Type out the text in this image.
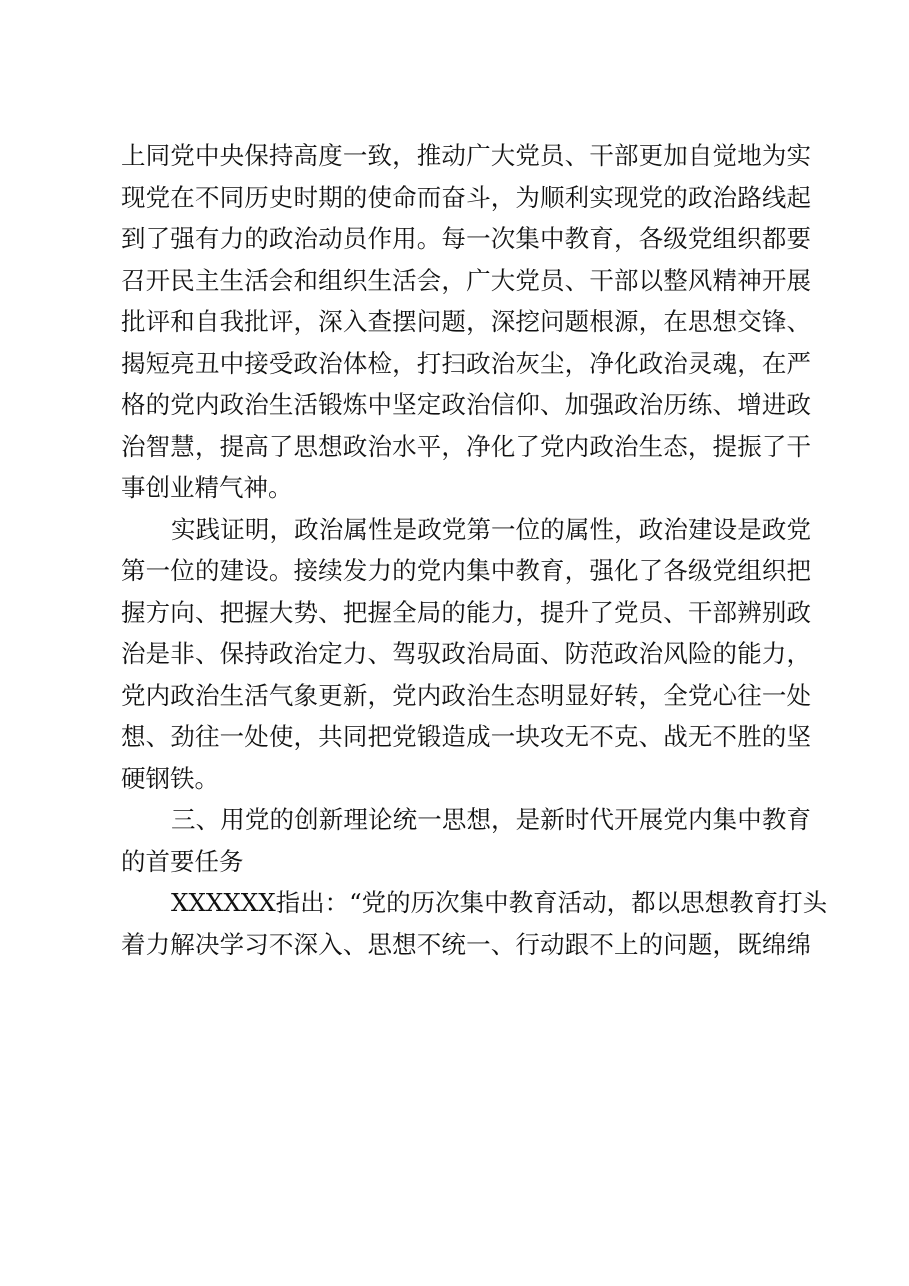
上同党中央保持高度一致，推动广大党员、干部更加自觉地为实
现党在不同历史时期的使命而奋斗，为顺利实现党的政治路线起
到了强有力的政治动员作用。每一次集中教育，各级党组织都要
召开民主生活会和组织生活会，广大党员、干部以整风精神开展
批评和自我批评，深入查摆问题，深挖问题根源，在思想交锋、
揭短亮丑中接受政治体检，打扫政治灰尘，净化政治灵魂，在严
格的党内政治生活锻炼中坚定政治信仰、加强政治历练、增进政
治智慧，提高了思想政治水平，净化了党内政治生态，提振了干
事创业精气神。
实践证明，政治属性是政党第一位的属性，政治建设是政党
第一位的建设。接续发力的党内集中教育，强化了各级党组织把
握方向、把握大势、把握全局的能力，提升了党员、干部辨别政
治是非、保持政治定力、驾驭政治局面、防范政治风险的能力，
党内政治生活气象更新，党内政治生态明显好转，全党心往一处
想、劲往一处使，共同把党锻造成一块攻无不克、战无不胜的坚
硬钢铁。
三、用党的创新理论统一思想，是新时代开展党内集中教育
的首要任务
XXXXXX指出：“党的历次集中教育活动，都以思想教育打头
着力解决学习不深入、思想不统一、行动跟不上的问题，既绵绵
